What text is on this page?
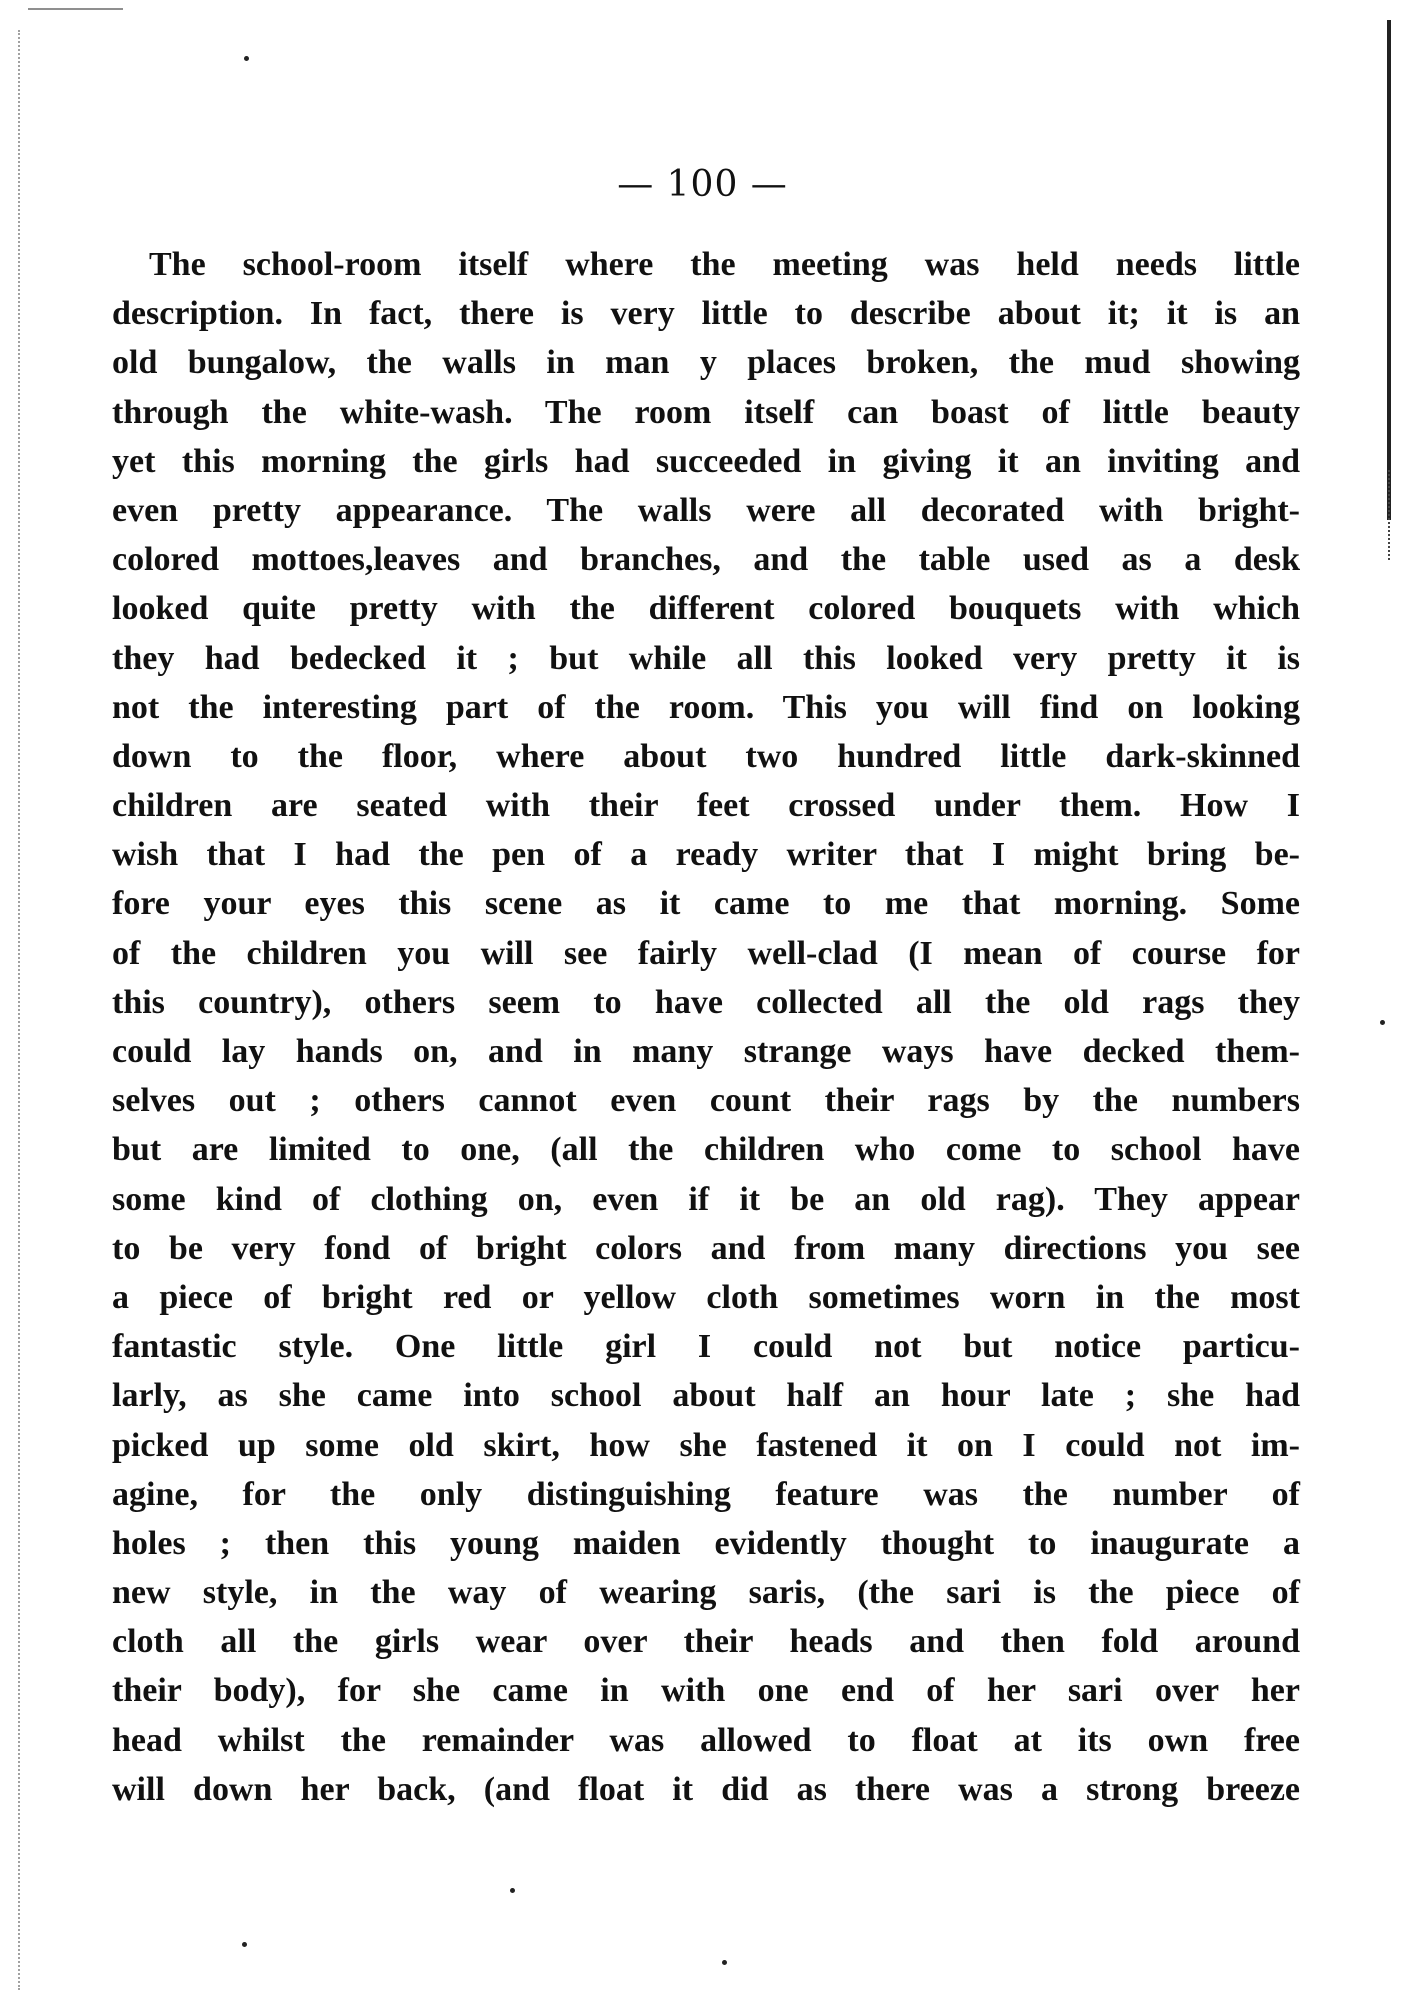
— 100 —
The school-room itself where the meeting was held needs little
description. In fact, there is very little to describe about it; it is an
old bungalow, the walls in man y places broken, the mud showing
through the white-wash. The room itself can boast of little beauty
yet this morning the girls had succeeded in giving it an inviting and
even pretty appearance. The walls were all decorated with bright-
colored mottoes,leaves and branches, and the table used as a desk
looked quite pretty with the different colored bouquets with which
they had bedecked it ; but while all this looked very pretty it is
not the interesting part of the room. This you will find on looking
down to the floor, where about two hundred little dark-skinned
children are seated with their feet crossed under them. How I
wish that I had the pen of a ready writer that I might bring be-
fore your eyes this scene as it came to me that morning. Some
of the children you will see fairly well-clad (I mean of course for
this country), others seem to have collected all the old rags they
could lay hands on, and in many strange ways have decked them-
selves out ; others cannot even count their rags by the numbers
but are limited to one, (all the children who come to school have
some kind of clothing on, even if it be an old rag). They appear
to be very fond of bright colors and from many directions you see
a piece of bright red or yellow cloth sometimes worn in the most
fantastic style. One little girl I could not but notice particu-
larly, as she came into school about half an hour late ; she had
picked up some old skirt, how she fastened it on I could not im-
agine, for the only distinguishing feature was the number of
holes ; then this young maiden evidently thought to inaugurate a
new style, in the way of wearing saris, (the sari is the piece of
cloth all the girls wear over their heads and then fold around
their body), for she came in with one end of her sari over her
head whilst the remainder was allowed to float at its own free
will down her back, (and float it did as there was a strong breeze
